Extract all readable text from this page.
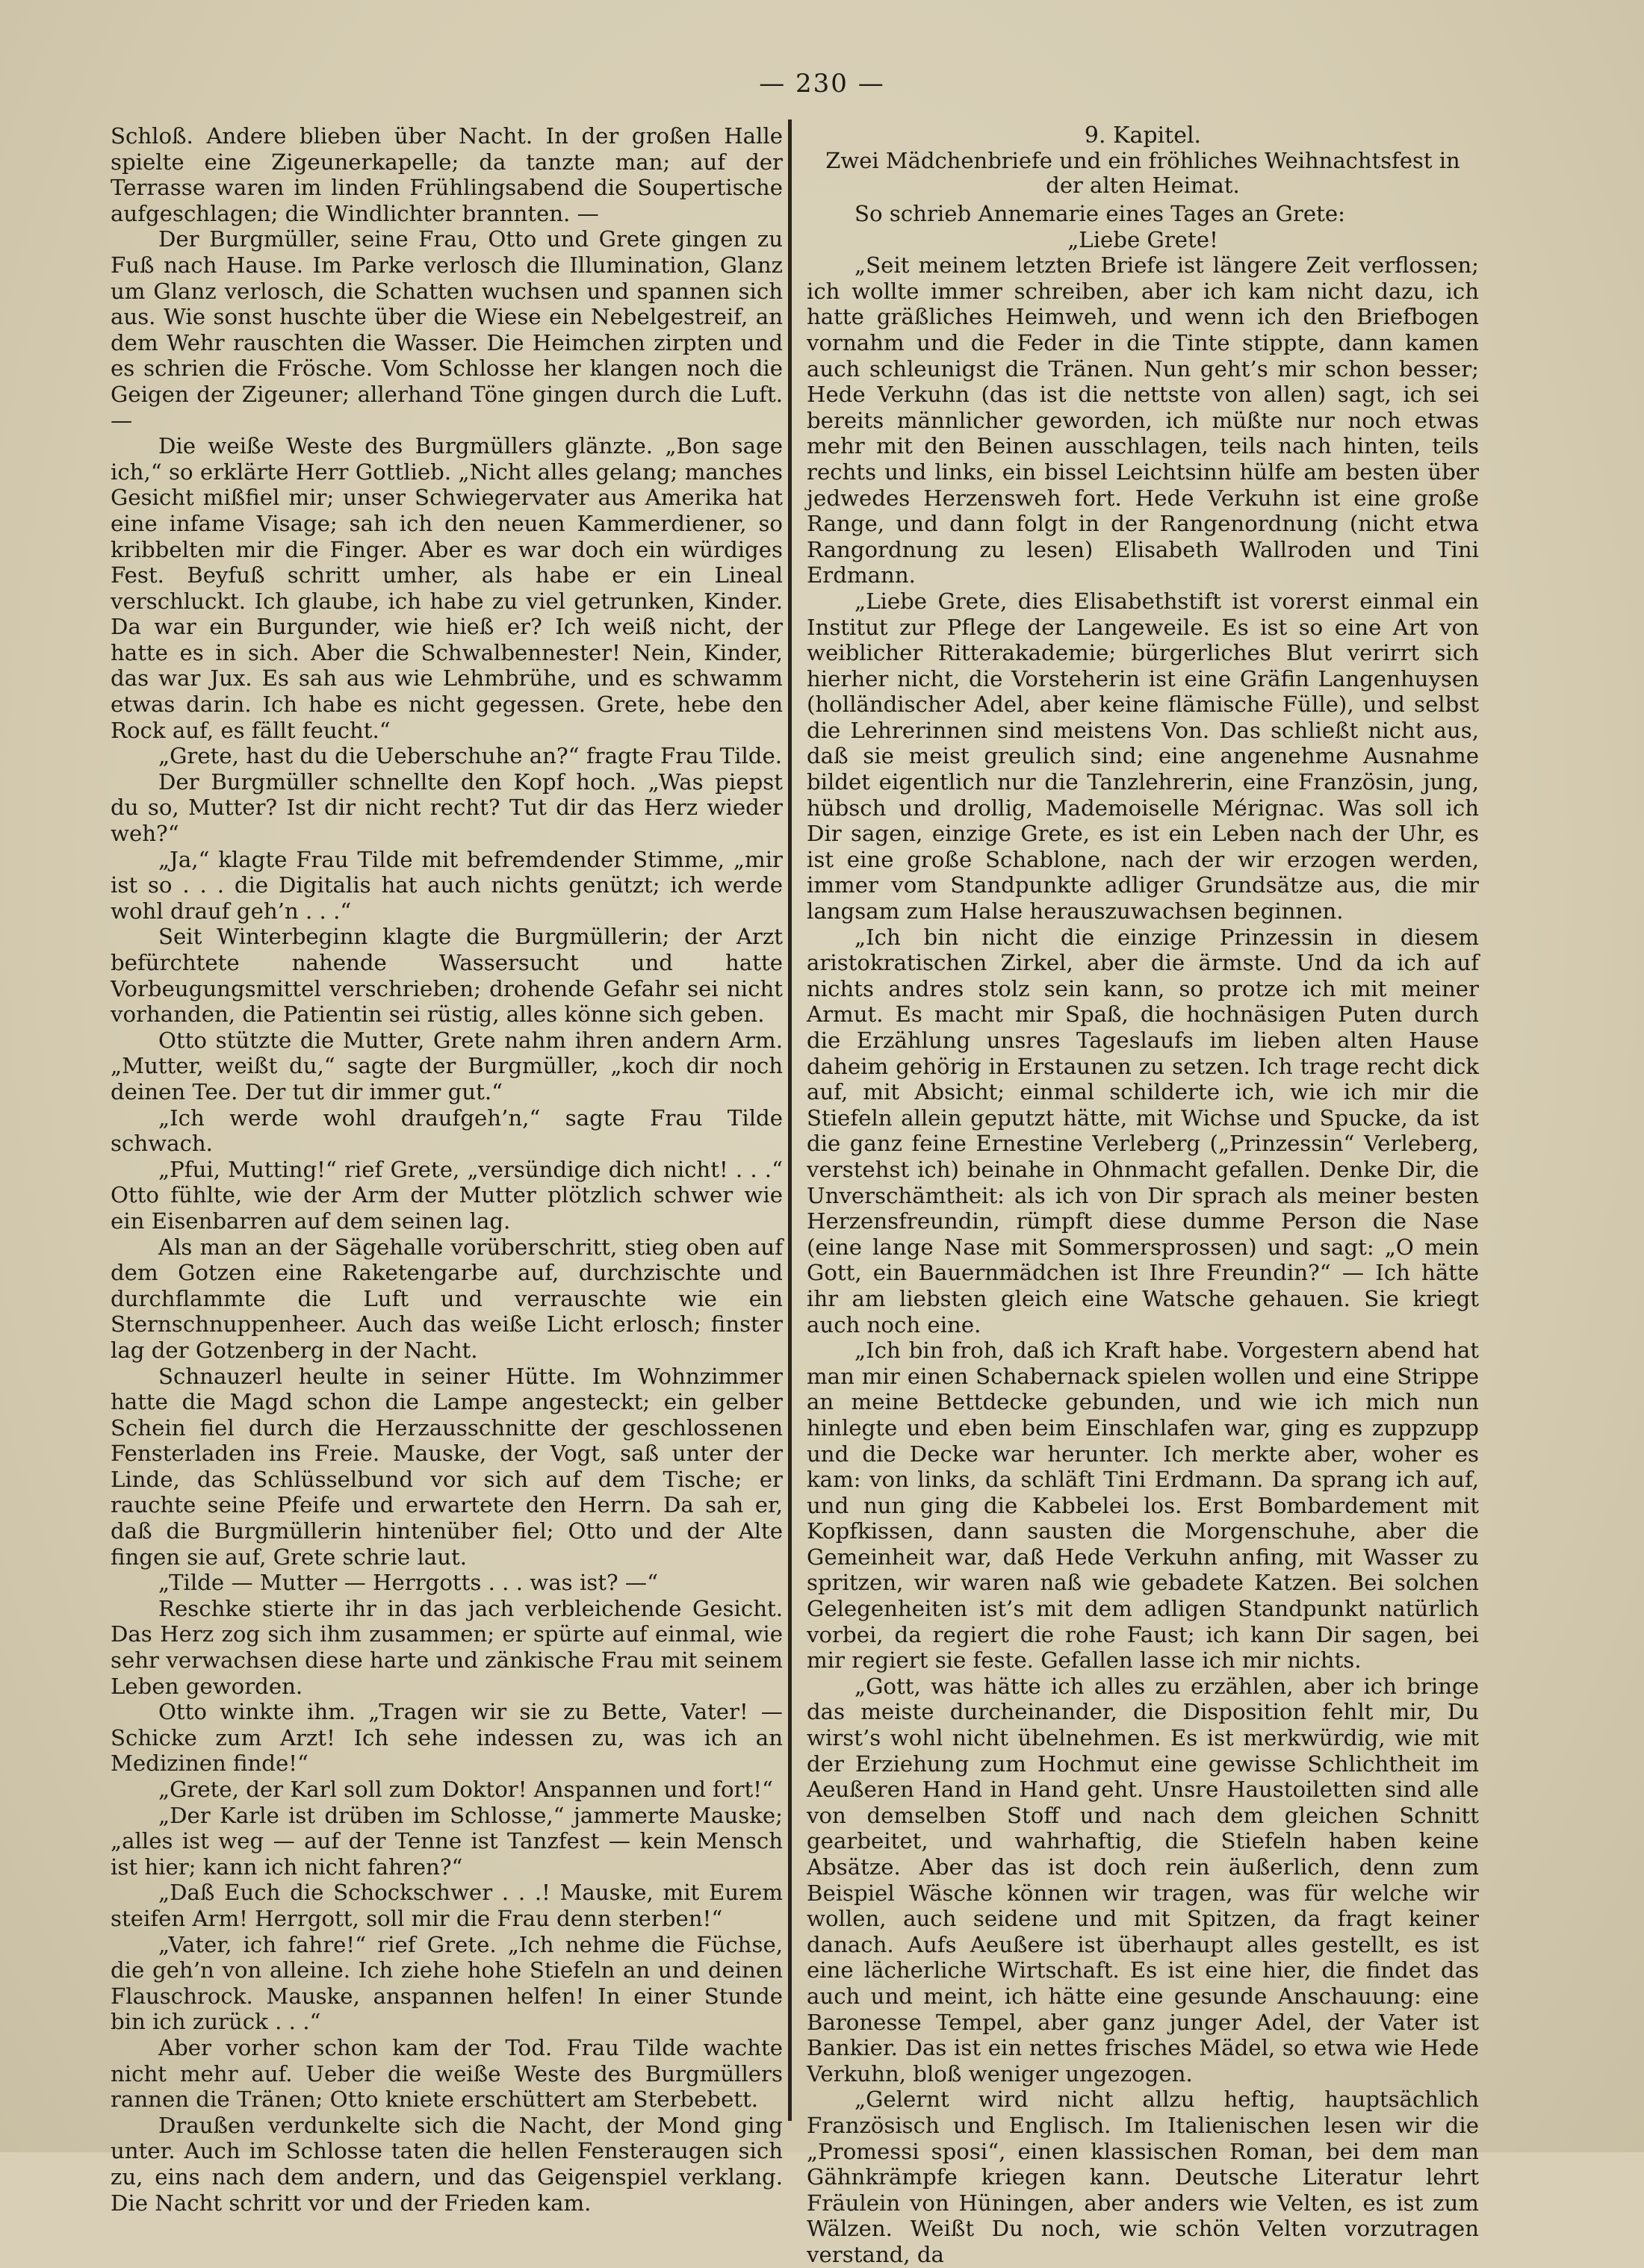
— 230 —

Schloß. Andere blieben über Nacht. In der großen Halle spielte eine Zigeunerkapelle; da tanzte man; auf der Terrasse waren im linden Frühlingsabend die Soupertische aufgeschlagen; die Windlichter brannten. —

Der Burgmüller, seine Frau, Otto und Grete gingen zu Fuß nach Hause. Im Parke verlosch die Illumination, Glanz um Glanz verlosch, die Schatten wuchsen und spannen sich aus. Wie sonst huschte über die Wiese ein Nebelgestreif, an dem Wehr rauschten die Wasser. Die Heimchen zirpten und es schrien die Frösche. Vom Schlosse her klangen noch die Geigen der Zigeuner; allerhand Töne gingen durch die Luft. —

Die weiße Weste des Burgmüllers glänzte. „Bon sage ich,“ so erklärte Herr Gottlieb. „Nicht alles gelang; manches Gesicht mißfiel mir; unser Schwiegervater aus Amerika hat eine infame Visage; sah ich den neuen Kammerdiener, so kribbelten mir die Finger. Aber es war doch ein würdiges Fest. Beyfuß schritt umher, als habe er ein Lineal verschluckt. Ich glaube, ich habe zu viel getrunken, Kinder. Da war ein Burgunder, wie hieß er? Ich weiß nicht, der hatte es in sich. Aber die Schwalbennester! Nein, Kinder, das war Jux. Es sah aus wie Lehmbrühe, und es schwamm etwas darin. Ich habe es nicht gegessen. Grete, hebe den Rock auf, es fällt feucht.“

„Grete, hast du die Ueberschuhe an?“ fragte Frau Tilde.

Der Burgmüller schnellte den Kopf hoch. „Was piepst du so, Mutter? Ist dir nicht recht? Tut dir das Herz wieder weh?“

„Ja,“ klagte Frau Tilde mit befremdender Stimme, „mir ist so . . . die Digitalis hat auch nichts genützt; ich werde wohl drauf geh’n . . .“

Seit Winterbeginn klagte die Burgmüllerin; der Arzt befürchtete nahende Wassersucht und hatte Vorbeugungsmittel verschrieben; drohende Gefahr sei nicht vorhanden, die Patientin sei rüstig, alles könne sich geben.

Otto stützte die Mutter, Grete nahm ihren andern Arm. „Mutter, weißt du,“ sagte der Burgmüller, „koch dir noch deinen Tee. Der tut dir immer gut.“

„Ich werde wohl draufgeh’n,“ sagte Frau Tilde schwach.

„Pfui, Mutting!“ rief Grete, „versündige dich nicht! . . .“ Otto fühlte, wie der Arm der Mutter plötzlich schwer wie ein Eisenbarren auf dem seinen lag.

Als man an der Sägehalle vorüberschritt, stieg oben auf dem Gotzen eine Raketengarbe auf, durchzischte und durchflammte die Luft und verrauschte wie ein Sternschnuppenheer. Auch das weiße Licht erlosch; finster lag der Gotzenberg in der Nacht.

Schnauzerl heulte in seiner Hütte. Im Wohnzimmer hatte die Magd schon die Lampe angesteckt; ein gelber Schein fiel durch die Herzausschnitte der geschlossenen Fensterladen ins Freie. Mauske, der Vogt, saß unter der Linde, das Schlüsselbund vor sich auf dem Tische; er rauchte seine Pfeife und erwartete den Herrn. Da sah er, daß die Burgmüllerin hintenüber fiel; Otto und der Alte fingen sie auf, Grete schrie laut.

„Tilde — Mutter — Herrgotts . . . was ist? —“

Reschke stierte ihr in das jach verbleichende Gesicht. Das Herz zog sich ihm zusammen; er spürte auf einmal, wie sehr verwachsen diese harte und zänkische Frau mit seinem Leben geworden.

Otto winkte ihm. „Tragen wir sie zu Bette, Vater! — Schicke zum Arzt! Ich sehe indessen zu, was ich an Medizinen finde!“

„Grete, der Karl soll zum Doktor! Anspannen und fort!“

„Der Karle ist drüben im Schlosse,“ jammerte Mauske; „alles ist weg — auf der Tenne ist Tanzfest — kein Mensch ist hier; kann ich nicht fahren?“

„Daß Euch die Schockschwer . . .! Mauske, mit Eurem steifen Arm! Herrgott, soll mir die Frau denn sterben!“

„Vater, ich fahre!“ rief Grete. „Ich nehme die Füchse, die geh’n von alleine. Ich ziehe hohe Stiefeln an und deinen Flauschrock. Mauske, anspannen helfen! In einer Stunde bin ich zurück . . .“

Aber vorher schon kam der Tod. Frau Tilde wachte nicht mehr auf. Ueber die weiße Weste des Burgmüllers rannen die Tränen; Otto kniete erschüttert am Sterbebett.

Draußen verdunkelte sich die Nacht, der Mond ging unter. Auch im Schlosse taten die hellen Fensteraugen sich zu, eins nach dem andern, und das Geigenspiel verklang. Die Nacht schritt vor und der Frieden kam.

9. Kapitel.

Zwei Mädchenbriefe und ein fröhliches Weihnachtsfest in der alten Heimat.

So schrieb Annemarie eines Tages an Grete:

„Liebe Grete!

„Seit meinem letzten Briefe ist längere Zeit verflossen; ich wollte immer schreiben, aber ich kam nicht dazu, ich hatte gräßliches Heimweh, und wenn ich den Briefbogen vornahm und die Feder in die Tinte stippte, dann kamen auch schleunigst die Tränen. Nun geht’s mir schon besser; Hede Verkuhn (das ist die nettste von allen) sagt, ich sei bereits männlicher geworden, ich müßte nur noch etwas mehr mit den Beinen ausschlagen, teils nach hinten, teils rechts und links, ein bissel Leichtsinn hülfe am besten über jedwedes Herzensweh fort. Hede Verkuhn ist eine große Range, und dann folgt in der Rangenordnung (nicht etwa Rangordnung zu lesen) Elisabeth Wallroden und Tini Erdmann.

„Liebe Grete, dies Elisabethstift ist vorerst einmal ein Institut zur Pflege der Langeweile. Es ist so eine Art von weiblicher Ritterakademie; bürgerliches Blut verirrt sich hierher nicht, die Vorsteherin ist eine Gräfin Langenhuysen (holländischer Adel, aber keine flämische Fülle), und selbst die Lehrerinnen sind meistens Von. Das schließt nicht aus, daß sie meist greulich sind; eine angenehme Ausnahme bildet eigentlich nur die Tanzlehrerin, eine Französin, jung, hübsch und drollig, Mademoiselle Mérignac. Was soll ich Dir sagen, einzige Grete, es ist ein Leben nach der Uhr, es ist eine große Schablone, nach der wir erzogen werden, immer vom Standpunkte adliger Grundsätze aus, die mir langsam zum Halse herauszuwachsen beginnen.

„Ich bin nicht die einzige Prinzessin in diesem aristokratischen Zirkel, aber die ärmste. Und da ich auf nichts andres stolz sein kann, so protze ich mit meiner Armut. Es macht mir Spaß, die hochnäsigen Puten durch die Erzählung unsres Tageslaufs im lieben alten Hause daheim gehörig in Erstaunen zu setzen. Ich trage recht dick auf, mit Absicht; einmal schilderte ich, wie ich mir die Stiefeln allein geputzt hätte, mit Wichse und Spucke, da ist die ganz feine Ernestine Verleberg („Prinzessin“ Verleberg, verstehst ich) beinahe in Ohnmacht gefallen. Denke Dir, die Unverschämtheit: als ich von Dir sprach als meiner besten Herzensfreundin, rümpft diese dumme Person die Nase (eine lange Nase mit Sommersprossen) und sagt: „O mein Gott, ein Bauernmädchen ist Ihre Freundin?“ — Ich hätte ihr am liebsten gleich eine Watsche gehauen. Sie kriegt auch noch eine.

„Ich bin froh, daß ich Kraft habe. Vorgestern abend hat man mir einen Schabernack spielen wollen und eine Strippe an meine Bettdecke gebunden, und wie ich mich nun hinlegte und eben beim Einschlafen war, ging es zuppzupp und die Decke war herunter. Ich merkte aber, woher es kam: von links, da schläft Tini Erdmann. Da sprang ich auf, und nun ging die Kabbelei los. Erst Bombardement mit Kopfkissen, dann sausten die Morgenschuhe, aber die Gemeinheit war, daß Hede Verkuhn anfing, mit Wasser zu spritzen, wir waren naß wie gebadete Katzen. Bei solchen Gelegenheiten ist’s mit dem adligen Standpunkt natürlich vorbei, da regiert die rohe Faust; ich kann Dir sagen, bei mir regiert sie feste. Gefallen lasse ich mir nichts.

„Gott, was hätte ich alles zu erzählen, aber ich bringe das meiste durcheinander, die Disposition fehlt mir, Du wirst’s wohl nicht übelnehmen. Es ist merkwürdig, wie mit der Erziehung zum Hochmut eine gewisse Schlichtheit im Aeußeren Hand in Hand geht. Unsre Haustoiletten sind alle von demselben Stoff und nach dem gleichen Schnitt gearbeitet, und wahrhaftig, die Stiefeln haben keine Absätze. Aber das ist doch rein äußerlich, denn zum Beispiel Wäsche können wir tragen, was für welche wir wollen, auch seidene und mit Spitzen, da fragt keiner danach. Aufs Aeußere ist überhaupt alles gestellt, es ist eine lächerliche Wirtschaft. Es ist eine hier, die findet das auch und meint, ich hätte eine gesunde Anschauung: eine Baronesse Tempel, aber ganz junger Adel, der Vater ist Bankier. Das ist ein nettes frisches Mädel, so etwa wie Hede Verkuhn, bloß weniger ungezogen.

„Gelernt wird nicht allzu heftig, hauptsächlich Französisch und Englisch. Im Italienischen lesen wir die „Promessi sposi“, einen klassischen Roman, bei dem man Gähnkrämpfe kriegen kann. Deutsche Literatur lehrt Fräulein von Hüningen, aber anders wie Velten, es ist zum Wälzen. Weißt Du noch, wie schön Velten vorzutragen verstand, da
